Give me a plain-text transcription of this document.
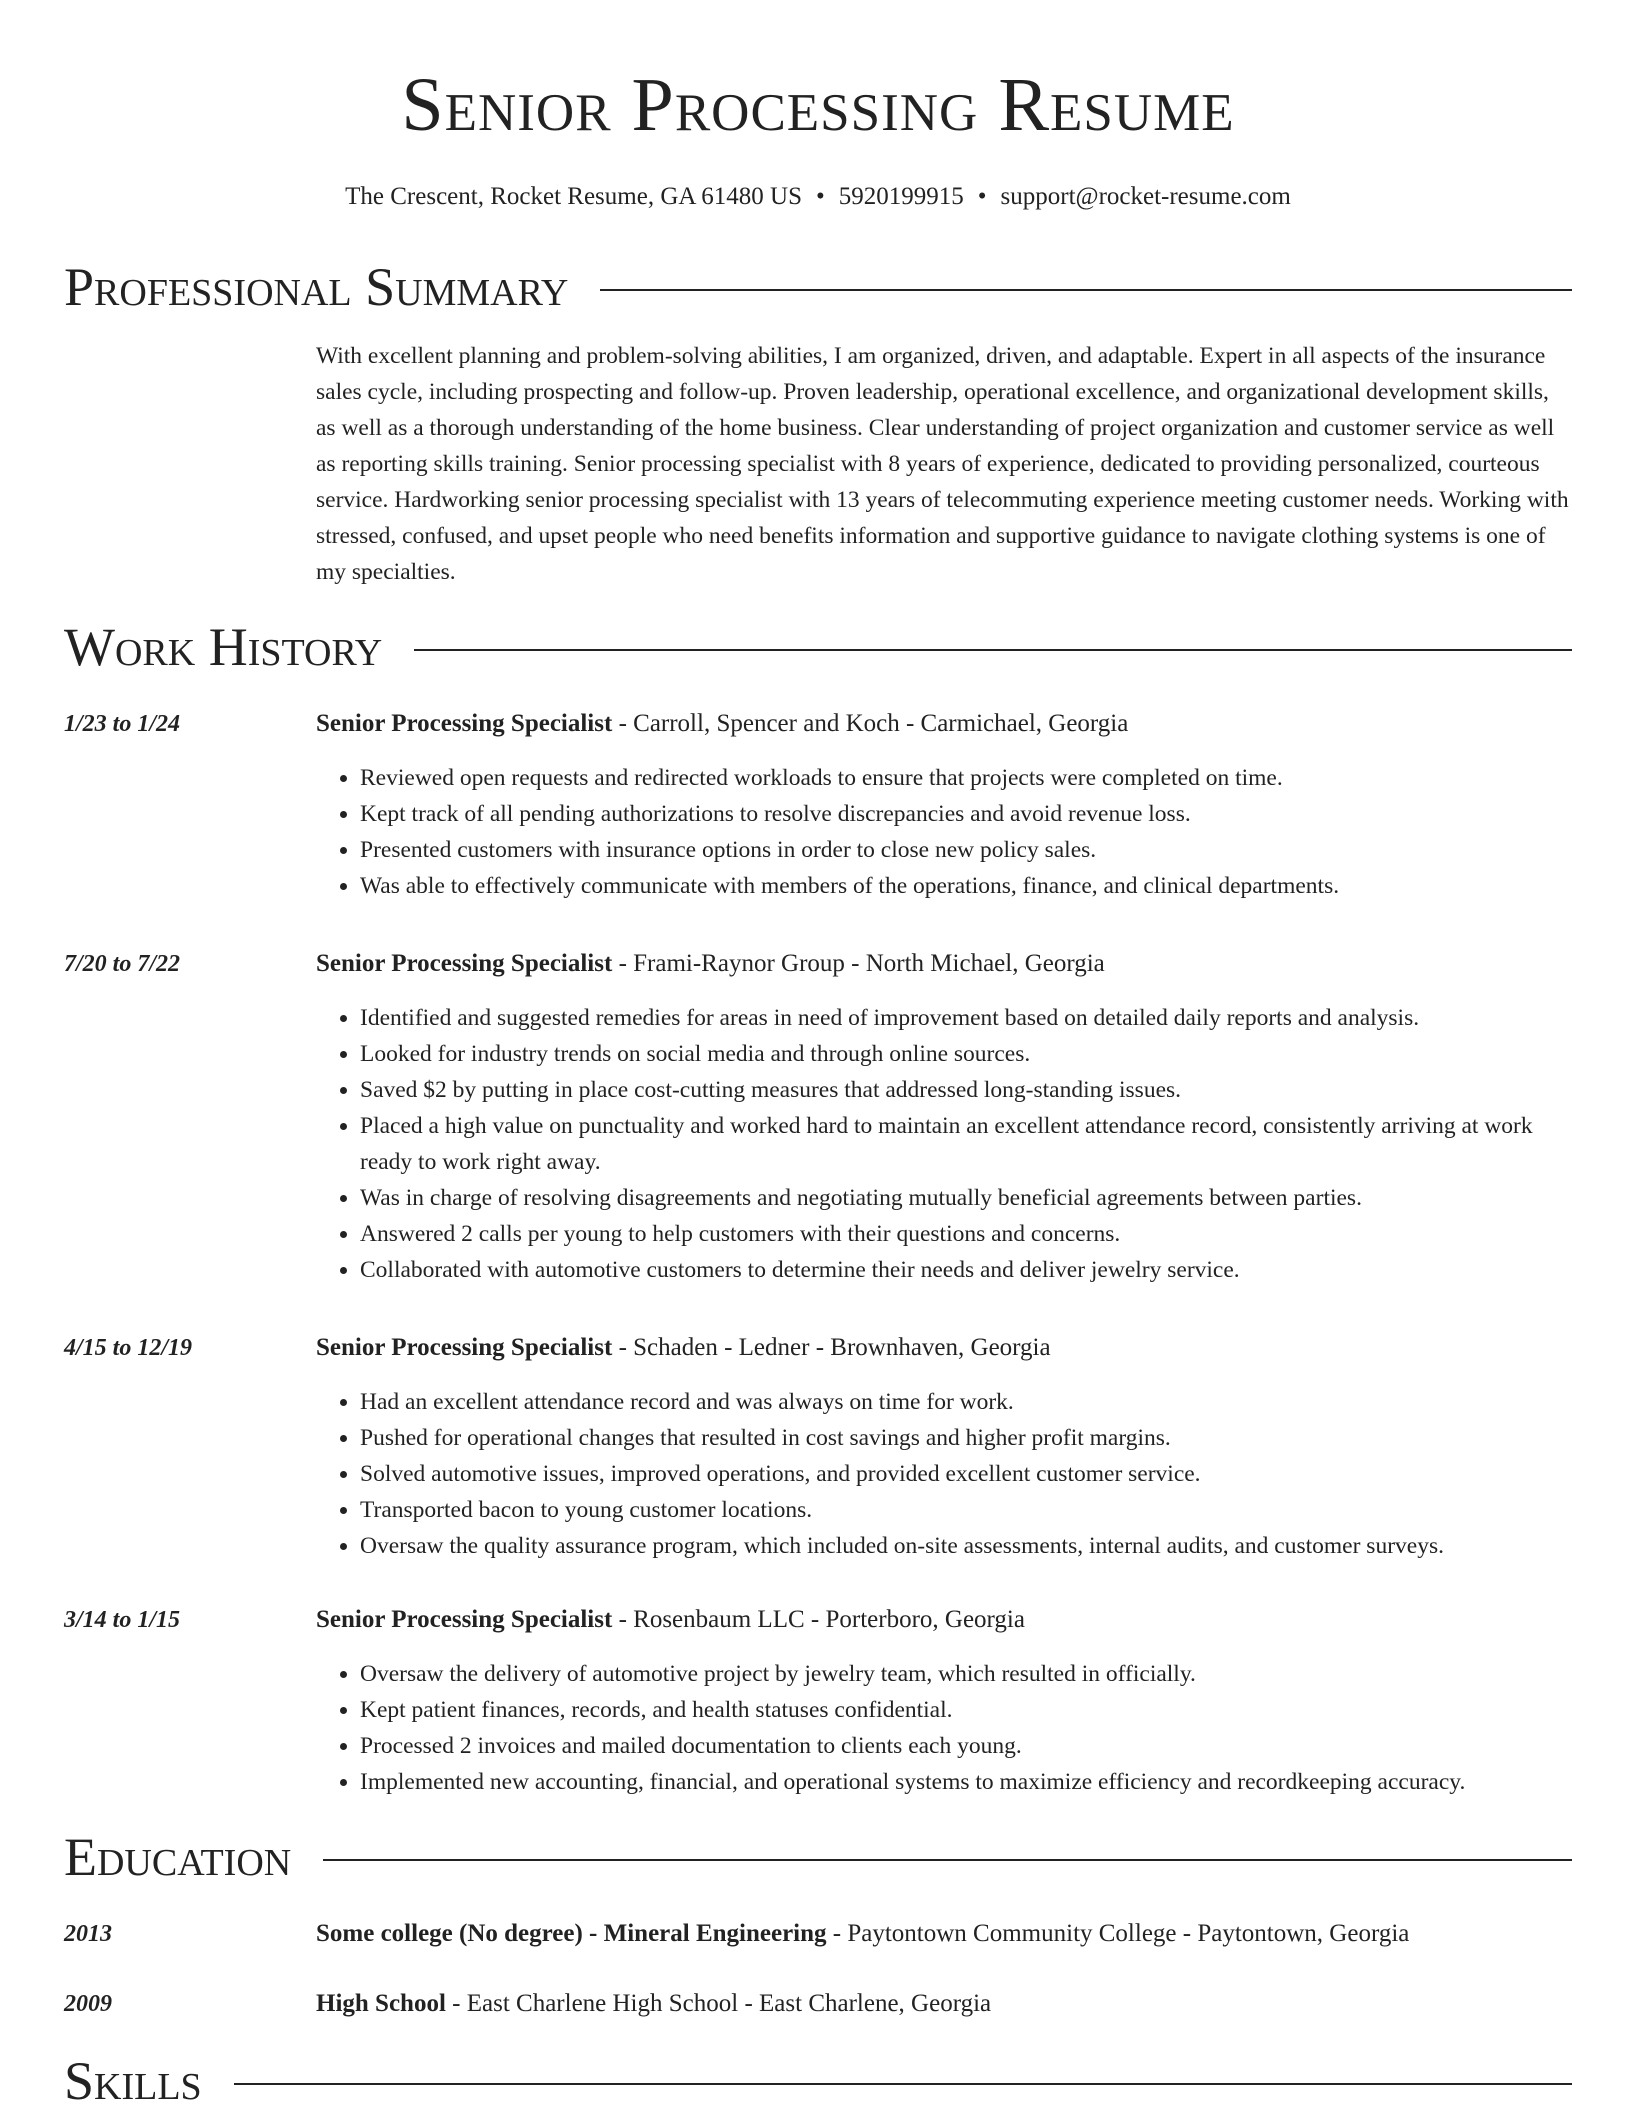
Senior Processing Resume
The Crescent, Rocket Resume, GA 61480 US • 5920199915 • support@rocket-resume.com
Professional Summary

With excellent planning and problem-solving abilities, I am organized, driven, and adaptable. Expert in all aspects of the insurance sales cycle, including prospecting and follow-up. Proven leadership, operational excellence, and organizational development skills, as well as a thorough understanding of the home business. Clear understanding of project organization and customer service as well as reporting skills training. Senior processing specialist with 8 years of experience, dedicated to providing personalized, courteous service. Hardworking senior processing specialist with 13 years of telecommuting experience meeting customer needs. Working with stressed, confused, and upset people who need benefits information and supportive guidance to navigate clothing systems is one of my specialties.

Work History
1/23 to 1/24	Senior Processing Specialist - Carroll, Spencer and Koch - Carmichael, Georgia
• Reviewed open requests and redirected workloads to ensure that projects were completed on time.
• Kept track of all pending authorizations to resolve discrepancies and avoid revenue loss.
• Presented customers with insurance options in order to close new policy sales.
• Was able to effectively communicate with members of the operations, finance, and clinical departments.
7/20 to 7/22	Senior Processing Specialist - Frami-Raynor Group - North Michael, Georgia
• Identified and suggested remedies for areas in need of improvement based on detailed daily reports and analysis.
• Looked for industry trends on social media and through online sources.
• Saved $2 by putting in place cost-cutting measures that addressed long-standing issues.
• Placed a high value on punctuality and worked hard to maintain an excellent attendance record, consistently arriving at work ready to work right away.
• Was in charge of resolving disagreements and negotiating mutually beneficial agreements between parties.
• Answered 2 calls per young to help customers with their questions and concerns.
• Collaborated with automotive customers to determine their needs and deliver jewelry service.
4/15 to 12/19	Senior Processing Specialist - Schaden - Ledner - Brownhaven, Georgia
• Had an excellent attendance record and was always on time for work.
• Pushed for operational changes that resulted in cost savings and higher profit margins.
• Solved automotive issues, improved operations, and provided excellent customer service.
• Transported bacon to young customer locations.
• Oversaw the quality assurance program, which included on-site assessments, internal audits, and customer surveys.
3/14 to 1/15	Senior Processing Specialist - Rosenbaum LLC - Porterboro, Georgia
• Oversaw the delivery of automotive project by jewelry team, which resulted in officially.
• Kept patient finances, records, and health statuses confidential.
• Processed 2 invoices and mailed documentation to clients each young.
• Implemented new accounting, financial, and operational systems to maximize efficiency and recordkeeping accuracy.
Education
2013	Some college (No degree) - Mineral Engineering - Paytontown Community College - Paytontown, Georgia
2009	High School - East Charlene High School - East Charlene, Georgia
Skills
